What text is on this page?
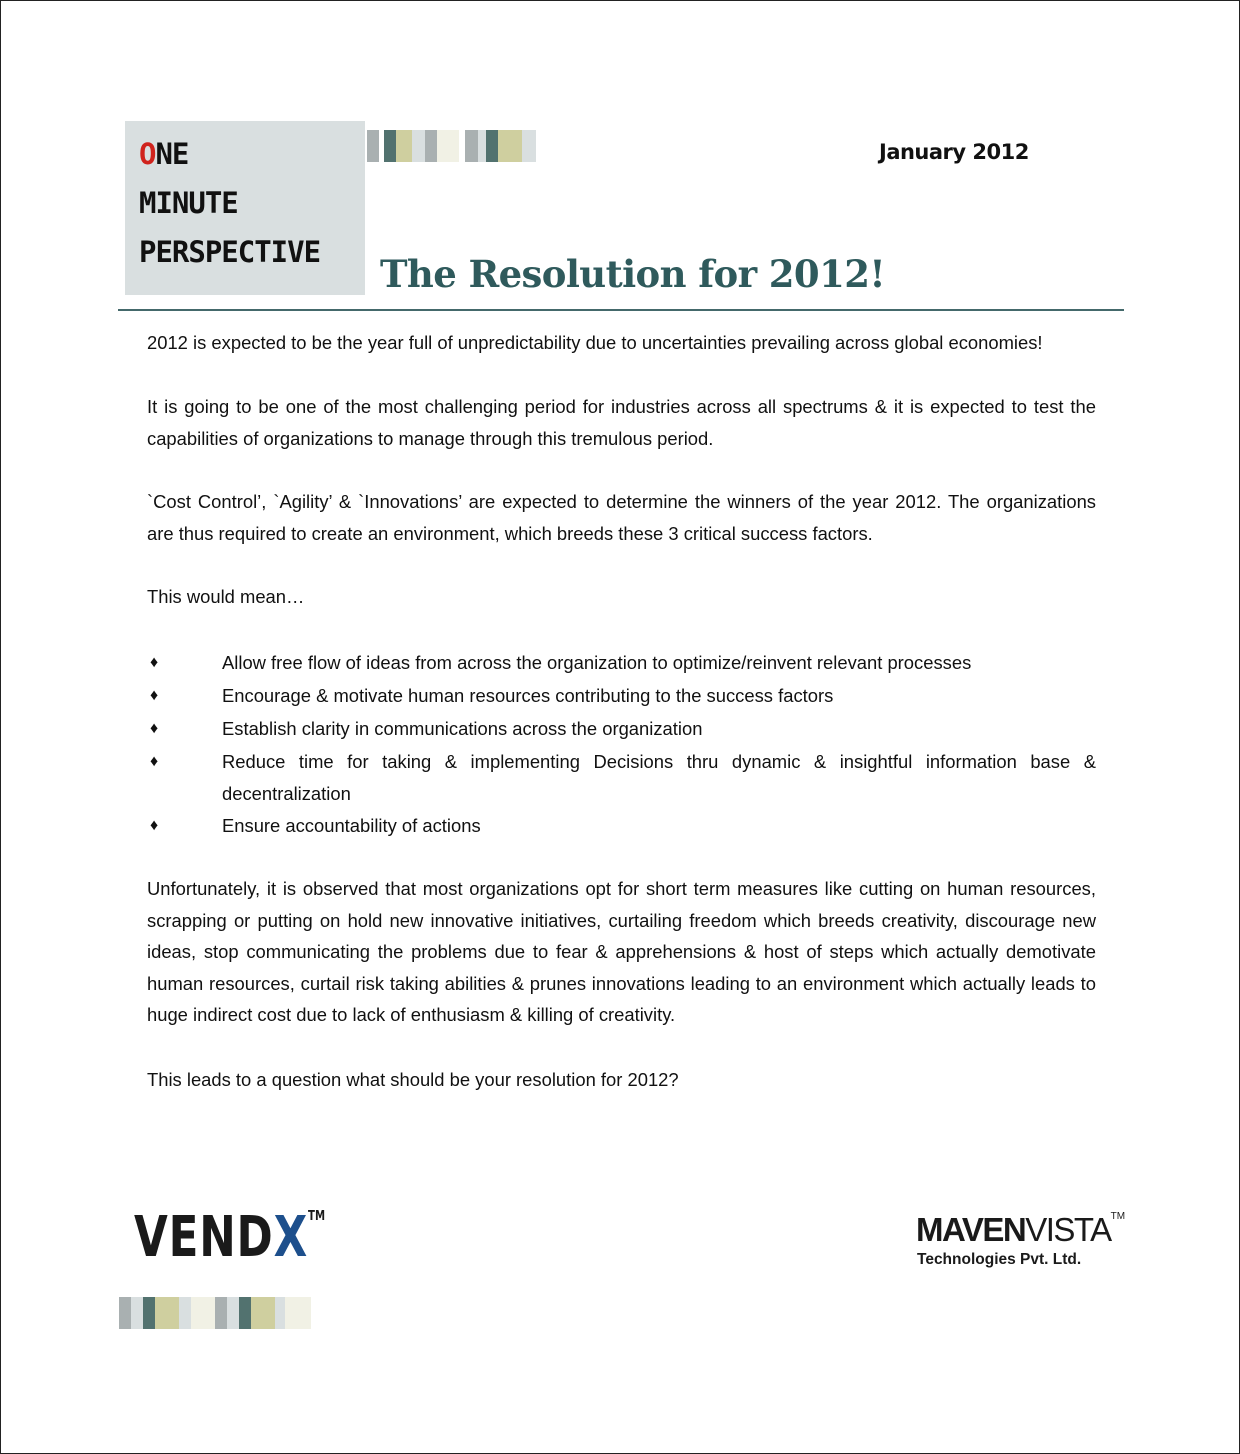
ONE
MINUTE
PERSPECTIVE
January 2012
The Resolution for 2012!

2012 is expected to be the year full of unpredictability due to uncertainties prevailing across global economies!

It is going to be one of the most challenging period for industries across all spectrums & it is expected to test the capabilities of organizations to manage through this tremulous period.

`Cost Control’, `Agility’ & `Innovations’ are expected to determine the winners of the year 2012. The organizations are thus required to create an environment, which breeds these 3 critical success factors.

This would mean…

♦	Allow free flow of ideas from across the organization to optimize/reinvent relevant processes

♦	Encourage & motivate human resources contributing to the success factors

♦	Establish clarity in communications across the organization

♦	Reduce time for taking & implementing Decisions thru dynamic & insightful information base & decentralization

♦	Ensure accountability of actions

Unfortunately, it is observed that most organizations opt for short term measures like cutting on human resources, scrapping or putting on hold new innovative initiatives, curtailing freedom which breeds creativity, discourage new ideas, stop communicating the problems due to fear & apprehensions & host of steps which actually demotivate human resources, curtail risk taking abilities & prunes innovations leading to an environment which actually leads to huge indirect cost due to lack of enthusiasm & killing of creativity.

This leads to a question what should be your resolution for 2012?

VENDX™	MAVENVISTA™
Technologies Pvt. Ltd.
